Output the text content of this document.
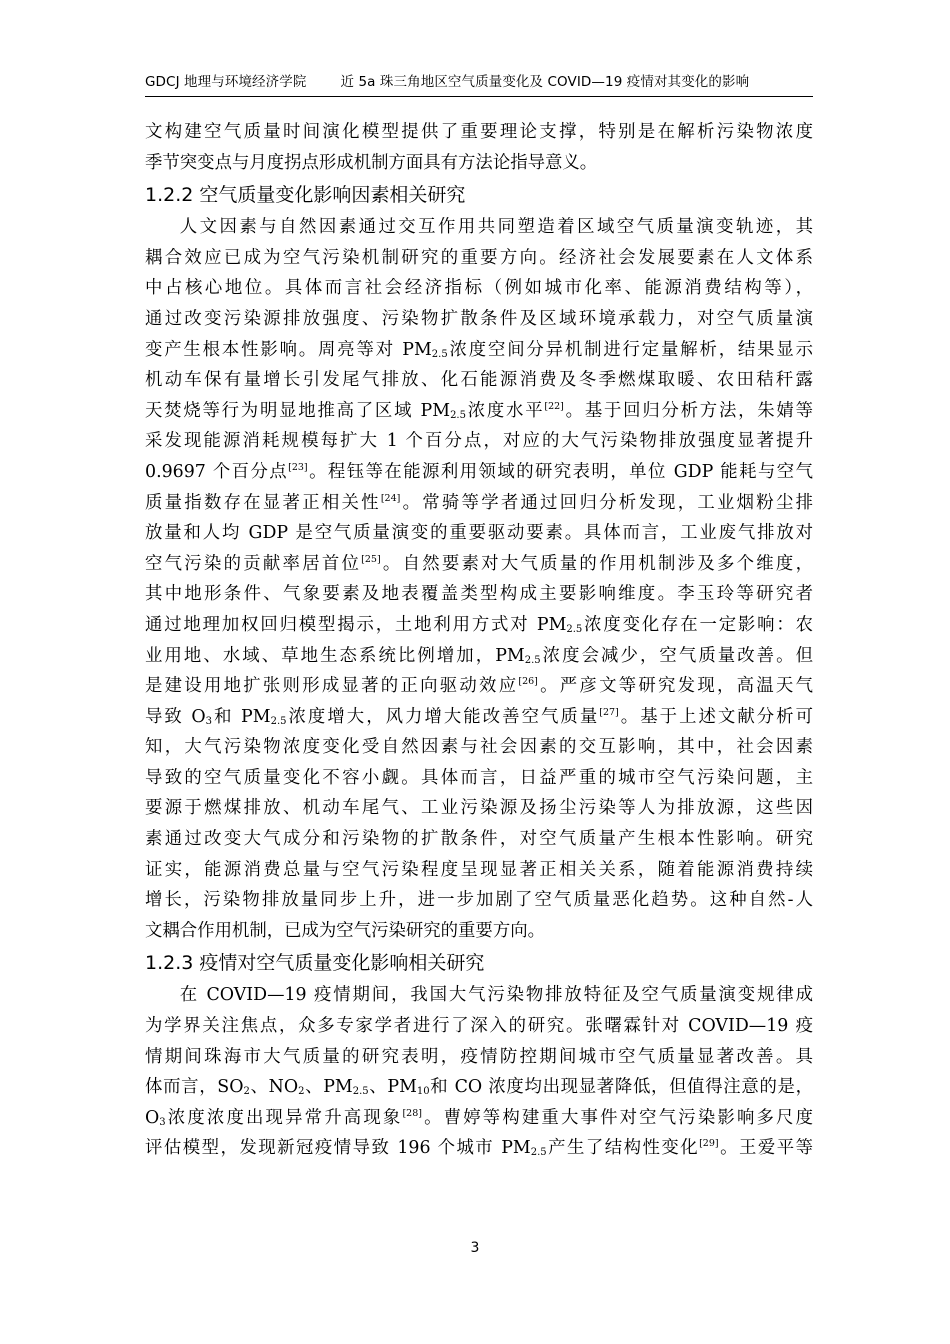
GDCJ 地理与环境经济学院	近 5a 珠三角地区空气质量变化及 COVID—19 疫情对其变化的影响
文构建空气质量时间演化模型提供了重要理论支撑，特别是在解析污染物浓度
季节突变点与月度拐点形成机制方面具有方法论指导意义。
1.2.2 空气质量变化影响因素相关研究
人文因素与自然因素通过交互作用共同塑造着区域空气质量演变轨迹，其
耦合效应已成为空气污染机制研究的重要方向。经济社会发展要素在人文体系
中占核心地位。具体而言社会经济指标（例如城市化率、能源消费结构等），
通过改变污染源排放强度、污染物扩散条件及区域环境承载力，对空气质量演
变产生根本性影响。周亮等对 $PM_{2.5}$浓度空间分异机制进行定量解析，结果显示
机动车保有量增长引发尾气排放、化石能源消费及冬季燃煤取暖、农田秸秆露
天焚烧等行为明显地推高了区域 $PM_{2.5}$浓度水平[22]。基于回归分析方法，朱婧等
采发现能源消耗规模每扩大 1 个百分点，对应的大气污染物排放强度显著提升
0.9697 个百分点[23]。程钰等在能源利用领域的研究表明，单位 GDP 能耗与空气
质量指数存在显著正相关性[24]。常骑等学者通过回归分析发现，工业烟粉尘排
放量和人均 GDP 是空气质量演变的重要驱动要素。具体而言，工业废气排放对
空气污染的贡献率居首位[25]。自然要素对大气质量的作用机制涉及多个维度，
其中地形条件、气象要素及地表覆盖类型构成主要影响维度。李玉玲等研究者
通过地理加权回归模型揭示，土地利用方式对 $PM_{2.5}$浓度变化存在一定影响：农
业用地、水域、草地生态系统比例增加，$PM_{2.5}$浓度会减少，空气质量改善。但
是建设用地扩张则形成显著的正向驱动效应[26]。严彦文等研究发现，高温天气
导致 $O_3$和 $PM_{2.5}$浓度增大，风力增大能改善空气质量[27]。基于上述文献分析可
知，大气污染物浓度变化受自然因素与社会因素的交互影响，其中，社会因素
导致的空气质量变化不容小觑。具体而言，日益严重的城市空气污染问题，主
要源于燃煤排放、机动车尾气、工业污染源及扬尘污染等人为排放源，这些因
素通过改变大气成分和污染物的扩散条件，对空气质量产生根本性影响。研究
证实，能源消费总量与空气污染程度呈现显著正相关关系，随着能源消费持续
增长，污染物排放量同步上升，进一步加剧了空气质量恶化趋势。这种自然-人
文耦合作用机制，已成为空气污染研究的重要方向。
1.2.3 疫情对空气质量变化影响相关研究
在 COVID—19 疫情期间，我国大气污染物排放特征及空气质量演变规律成
为学界关注焦点，众多专家学者进行了深入的研究。张曙霖针对 COVID—19 疫
情期间珠海市大气质量的研究表明，疫情防控期间城市空气质量显著改善。具
体而言，$SO_2$、$NO_2$、$PM_{2.5}$、$PM_{10}$和 CO 浓度均出现显著降低，但值得注意的是，
$O_3$浓度浓度出现异常升高现象[28]。曹婷等构建重大事件对空气污染影响多尺度
评估模型，发现新冠疫情导致 196 个城市 $PM_{2.5}$产生了结构性变化[29]。王爱平等
3
